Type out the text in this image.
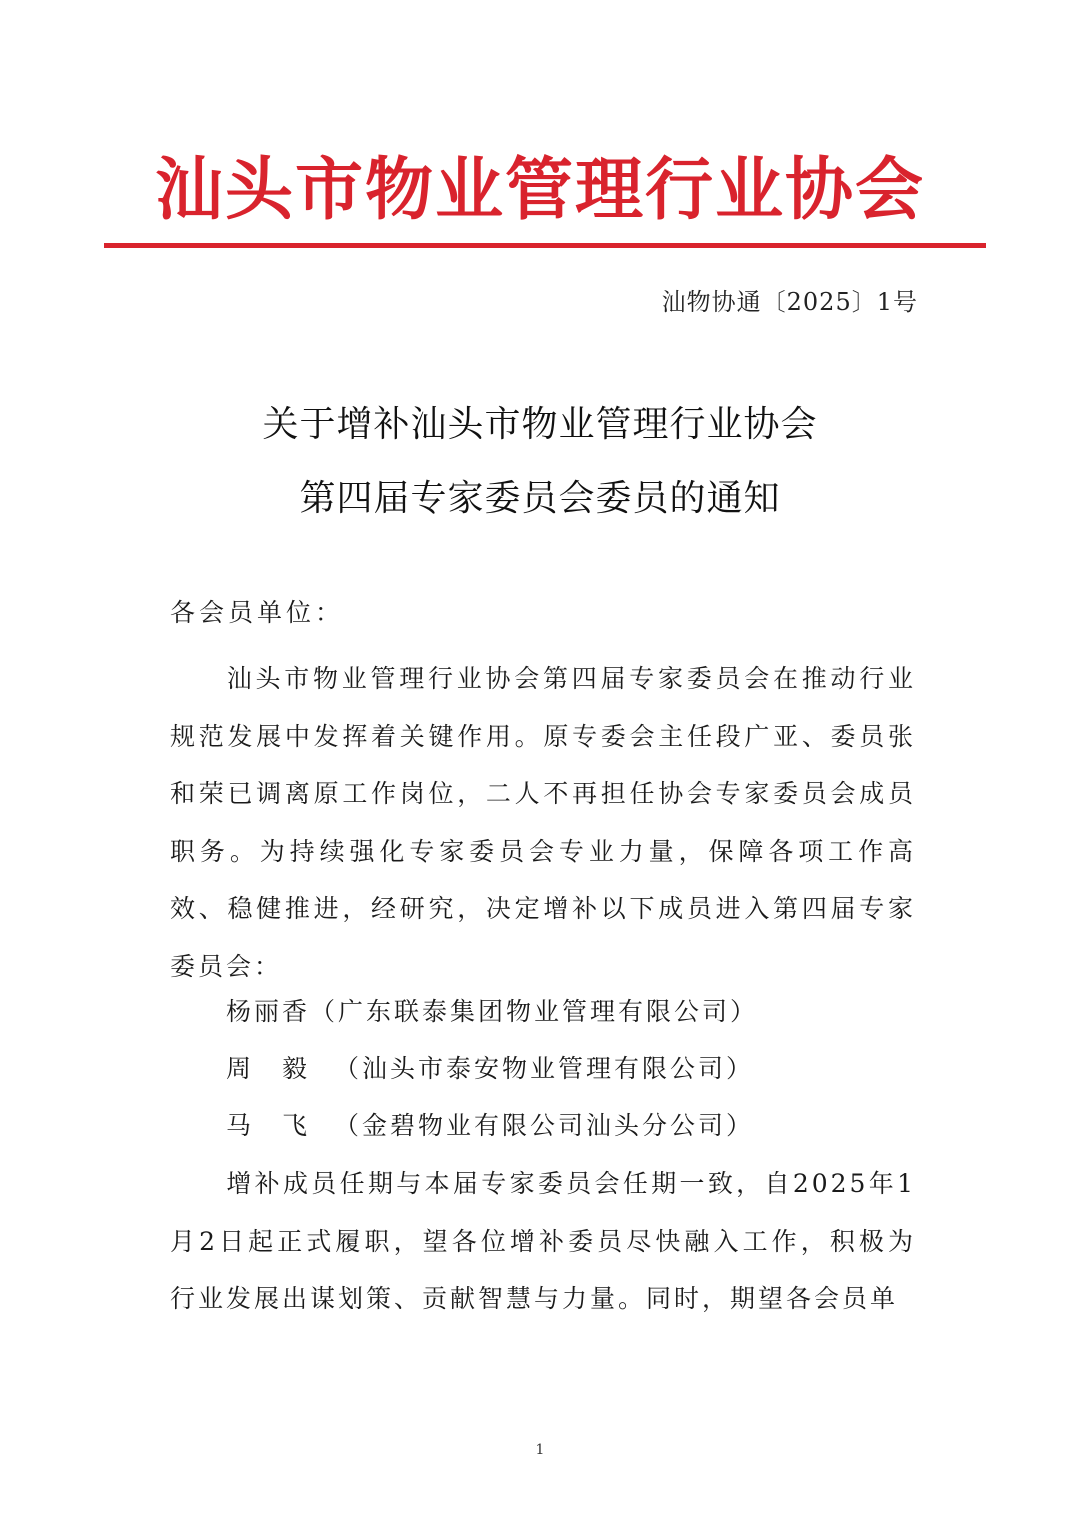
汕头市物业管理行业协会
汕物协通〔2025〕1号
关于增补汕头市物业管理行业协会
第四届专家委员会委员的通知
各会员单位：
汕头市物业管理行业协会第四届专家委员会在推动行业规范发展中发挥着关键作用。原专委会主任段广亚、委员张和荣已调离原工作岗位，二人不再担任协会专家委员会成员职务。为持续强化专家委员会专业力量，保障各项工作高效、稳健推进，经研究，决定增补以下成员进入第四届专家委员会：
杨丽香（广东联泰集团物业管理有限公司）
周 毅 （汕头市泰安物业管理有限公司）
马 飞 （金碧物业有限公司汕头分公司）
增补成员任期与本届专家委员会任期一致，自2025年1月2日起正式履职，望各位增补委员尽快融入工作，积极为行业发展出谋划策、贡献智慧与力量。同时，期望各会员单
1
